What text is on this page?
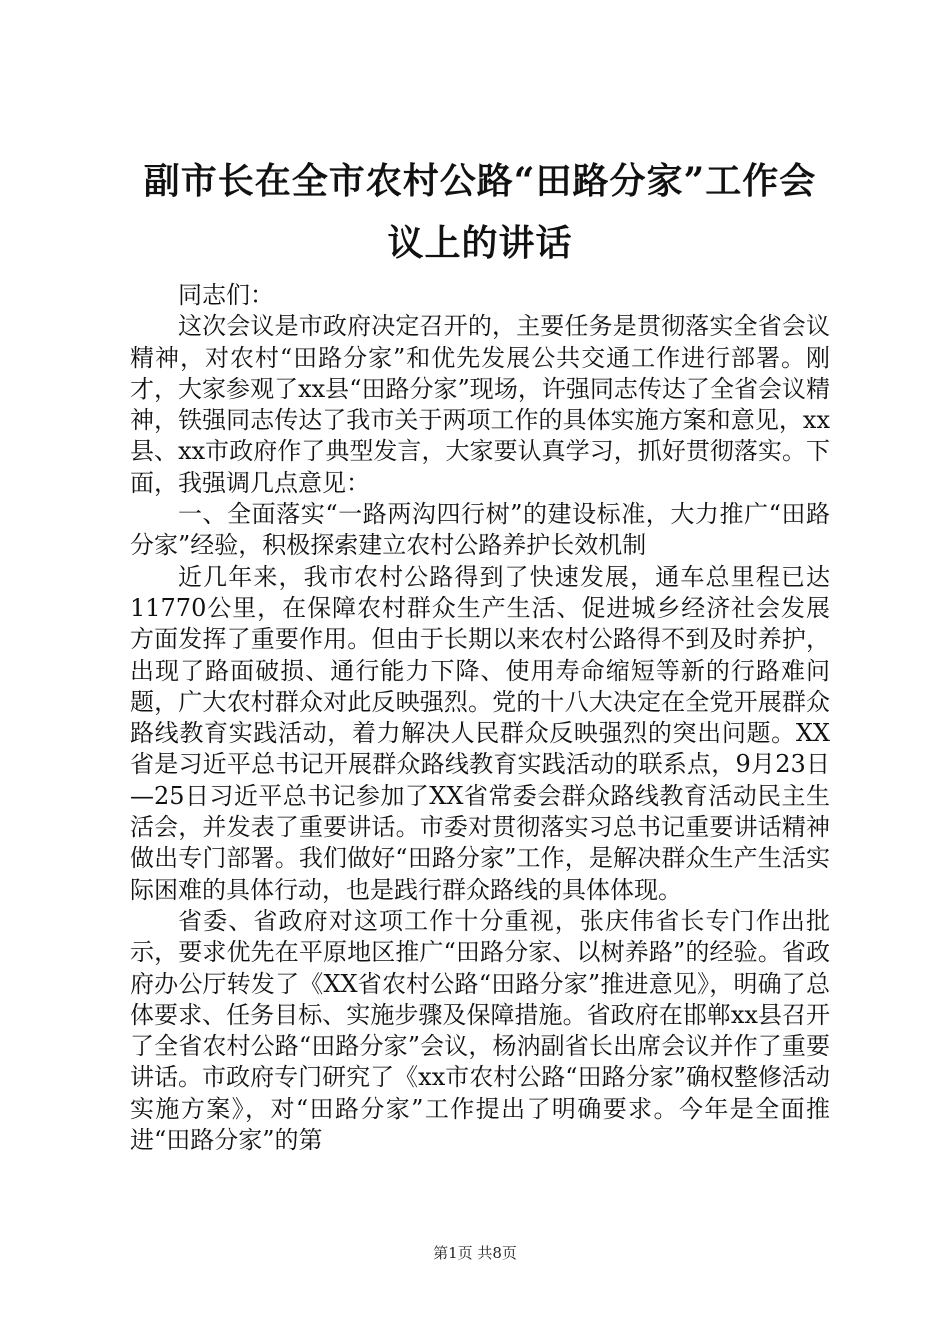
副市长在全市农村公路“田路分家”工作会议上的讲话

同志们：

这次会议是市政府决定召开的，主要任务是贯彻落实全省会议精神，对农村“田路分家”和优先发展公共交通工作进行部署。刚才，大家参观了xx县“田路分家”现场，许强同志传达了全省会议精神，铁强同志传达了我市关于两项工作的具体实施方案和意见，xx县、xx市政府作了典型发言，大家要认真学习，抓好贯彻落实。下面，我强调几点意见：

一、全面落实“一路两沟四行树”的建设标准，大力推广“田路分家”经验，积极探索建立农村公路养护长效机制

近几年来，我市农村公路得到了快速发展，通车总里程已达11770公里，在保障农村群众生产生活、促进城乡经济社会发展方面发挥了重要作用。但由于长期以来农村公路得不到及时养护，出现了路面破损、通行能力下降、使用寿命缩短等新的行路难问题，广大农村群众对此反映强烈。党的十八大决定在全党开展群众路线教育实践活动，着力解决人民群众反映强烈的突出问题。XX省是习近平总书记开展群众路线教育实践活动的联系点，9月23日—25日习近平总书记参加了XX省常委会群众路线教育活动民主生活会，并发表了重要讲话。市委对贯彻落实习总书记重要讲话精神做出专门部署。我们做好“田路分家”工作，是解决群众生产生活实际困难的具体行动，也是践行群众路线的具体体现。

省委、省政府对这项工作十分重视，张庆伟省长专门作出批示，要求优先在平原地区推广“田路分家、以树养路”的经验。省政府办公厅转发了《XX省农村公路“田路分家”推进意见》，明确了总体要求、任务目标、实施步骤及保障措施。省政府在邯郸xx县召开了全省农村公路“田路分家”会议，杨汭副省长出席会议并作了重要讲话。市政府专门研究了《xx市农村公路“田路分家”确权整修活动实施方案》，对“田路分家”工作提出了明确要求。今年是全面推进“田路分家”的第

第1页 共8页
